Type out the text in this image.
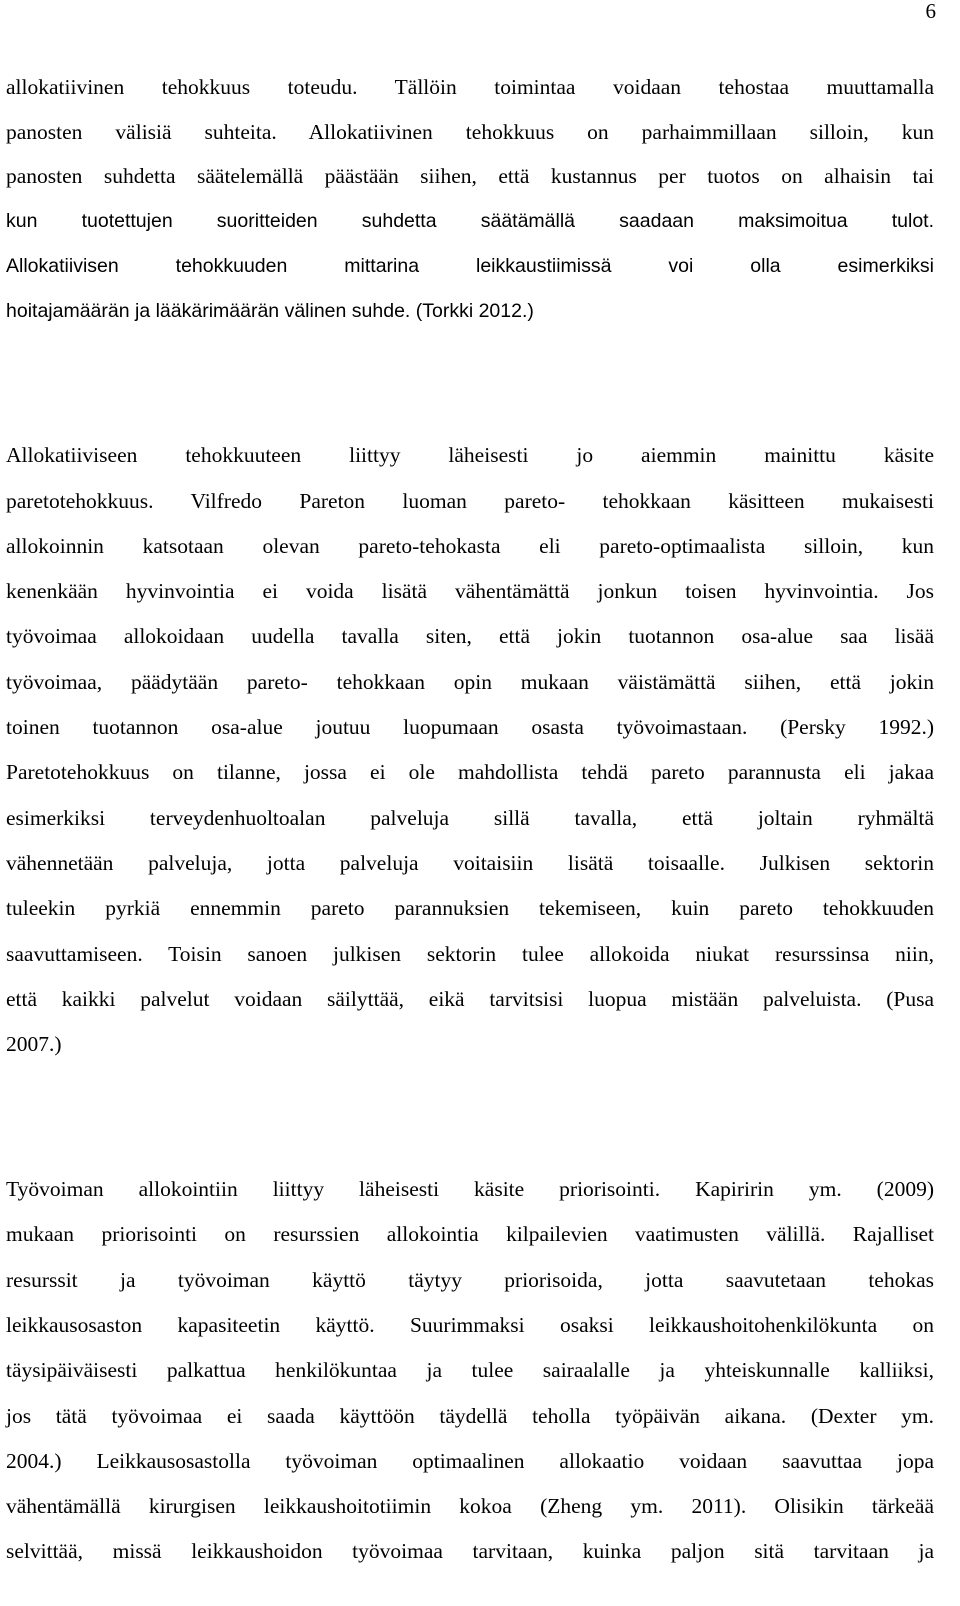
6
allokatiivinen tehokkuus toteudu. Tällöin toimintaa voidaan tehostaa muuttamalla
panosten välisiä suhteita. Allokatiivinen tehokkuus on parhaimmillaan silloin, kun
panosten suhdetta säätelemällä päästään siihen, että kustannus per tuotos on alhaisin tai
kun tuotettujen suoritteiden suhdetta säätämällä saadaan maksimoitua tulot.
Allokatiivisen tehokkuuden mittarina leikkaustiimissä voi olla esimerkiksi
hoitajamäärän ja lääkärimäärän välinen suhde. (Torkki 2012.)
Allokatiiviseen tehokkuuteen liittyy läheisesti jo aiemmin mainittu käsite
paretotehokkuus. Vilfredo Pareton luoman pareto- tehokkaan käsitteen mukaisesti
allokoinnin katsotaan olevan pareto-tehokasta eli pareto-optimaalista silloin, kun
kenenkään hyvinvointia ei voida lisätä vähentämättä jonkun toisen hyvinvointia. Jos
työvoimaa allokoidaan uudella tavalla siten, että jokin tuotannon osa-alue saa lisää
työvoimaa, päädytään pareto- tehokkaan opin mukaan väistämättä siihen, että jokin
toinen tuotannon osa-alue joutuu luopumaan osasta työvoimastaan. (Persky 1992.)
Paretotehokkuus on tilanne, jossa ei ole mahdollista tehdä pareto parannusta eli jakaa
esimerkiksi terveydenhuoltoalan palveluja sillä tavalla, että joltain ryhmältä
vähennetään palveluja, jotta palveluja voitaisiin lisätä toisaalle. Julkisen sektorin
tuleekin pyrkiä ennemmin pareto parannuksien tekemiseen, kuin pareto tehokkuuden
saavuttamiseen. Toisin sanoen julkisen sektorin tulee allokoida niukat resurssinsa niin,
että kaikki palvelut voidaan säilyttää, eikä tarvitsisi luopua mistään palveluista. (Pusa
2007.)
Työvoiman allokointiin liittyy läheisesti käsite priorisointi. Kapiririn ym. (2009)
mukaan priorisointi on resurssien allokointia kilpailevien vaatimusten välillä. Rajalliset
resurssit ja työvoiman käyttö täytyy priorisoida, jotta saavutetaan tehokas
leikkausosaston kapasiteetin käyttö. Suurimmaksi osaksi leikkaushoitohenkilökunta on
täysipäiväisesti palkattua henkilökuntaa ja tulee sairaalalle ja yhteiskunnalle kalliiksi,
jos tätä työvoimaa ei saada käyttöön täydellä teholla työpäivän aikana. (Dexter ym.
2004.) Leikkausosastolla työvoiman optimaalinen allokaatio voidaan saavuttaa jopa
vähentämällä kirurgisen leikkaushoitotiimin kokoa (Zheng ym. 2011). Olisikin tärkeää
selvittää, missä leikkaushoidon työvoimaa tarvitaan, kuinka paljon sitä tarvitaan ja
